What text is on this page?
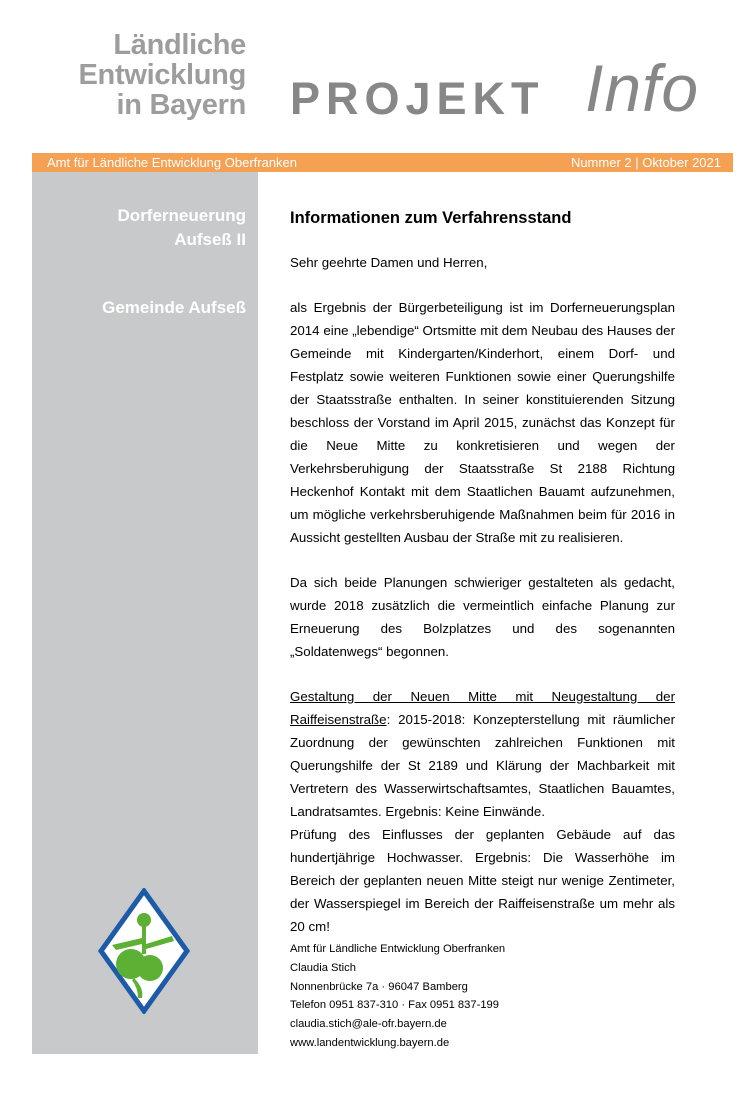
Ländliche
Entwicklung
in Bayern PROJEKT Info
Amt für Ländliche Entwicklung Oberfranken	Nummer 2 | Oktober 2021
Dorferneuerung
Aufseß II
Gemeinde Aufseß
Informationen zum Verfahrensstand
Sehr geehrte Damen und Herren,
als Ergebnis der Bürgerbeteiligung ist im Dorferneuerungsplan 2014 eine „lebendige“ Ortsmitte mit dem Neubau des Hauses der Gemeinde mit Kindergarten/Kinderhort, einem Dorf- und Festplatz sowie weiteren Funktionen sowie einer Querungshilfe der Staatsstraße enthalten. In seiner konstituierenden Sitzung beschloss der Vorstand im April 2015, zunächst das Konzept für die Neue Mitte zu konkretisieren und wegen der Verkehrsberuhigung der Staatsstraße St 2188 Richtung Heckenhof Kontakt mit dem Staatlichen Bauamt aufzunehmen, um mögliche verkehrsberuhigende Maßnahmen beim für 2016 in Aussicht gestellten Ausbau der Straße mit zu realisieren.
Da sich beide Planungen schwieriger gestalteten als gedacht, wurde 2018 zusätzlich die vermeintlich einfache Planung zur Erneuerung des Bolzplatzes und des sogenannten „Soldatenwegs“ begonnen.
Gestaltung der Neuen Mitte mit Neugestaltung der Raiffeisenstraße: 2015-2018: Konzepterstellung mit räumlicher Zuordnung der gewünschten zahlreichen Funktionen mit Querungshilfe der St 2189 und Klärung der Machbarkeit mit Vertretern des Wasserwirtschaftsamtes, Staatlichen Bauamtes, Landratsamtes. Ergebnis: Keine Einwände.
Prüfung des Einflusses der geplanten Gebäude auf das hundertjährige Hochwasser. Ergebnis: Die Wasserhöhe im Bereich der geplanten neuen Mitte steigt nur wenige Zentimeter, der Wasserspiegel im Bereich der Raiffeisenstraße um mehr als 20 cm!
Amt für Ländliche Entwicklung Oberfranken
Claudia Stich
Nonnenbrücke 7a · 96047 Bamberg
Telefon 0951 837-310 · Fax 0951 837-199
claudia.stich@ale-ofr.bayern.de
www.landentwicklung.bayern.de
